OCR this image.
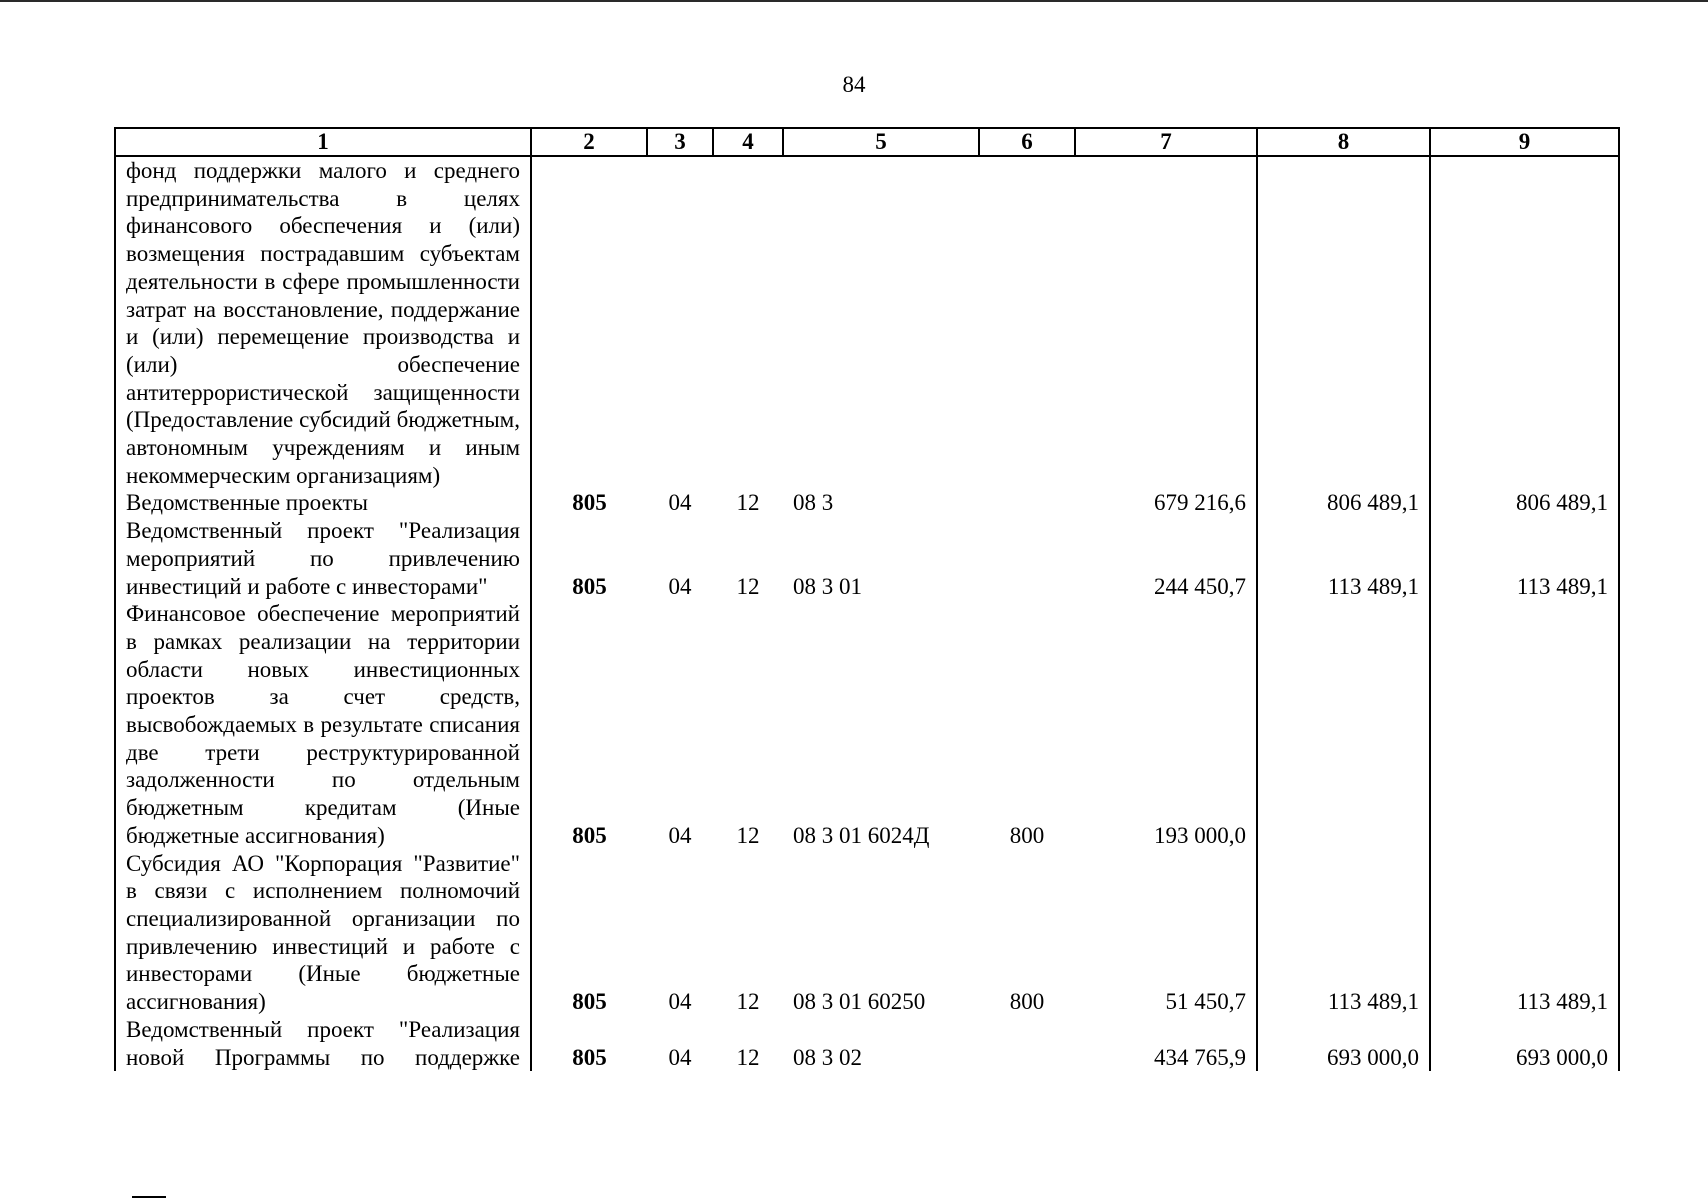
84
1	2	3	4	5	6	7	8	9
фонд поддержки малого и среднего предпринимательства в целях финансового обеспечения и (или) возмещения пострадавшим субъектам деятельности в сфере промышленности затрат на восстановление, поддержание и (или) перемещение производства и (или) обеспечение антитеррористической защищенности (Предоставление субсидий бюджетным, автономным учреждениям и иным некоммерческим организациям)								
Ведомственные проекты	805	04	12	08 3		679 216,6	806 489,1	806 489,1
Ведомственный проект "Реализация мероприятий по привлечению инвестиций и работе с инвесторами"	805	04	12	08 3 01		244 450,7	113 489,1	113 489,1
Финансовое обеспечение мероприятий в рамках реализации на территории области новых инвестиционных проектов за счет средств, высвобождаемых в результате списания две трети реструктурированной задолженности по отдельным бюджетным кредитам (Иные бюджетные ассигнования)	805	04	12	08 3 01 6024Д	800	193 000,0		
Субсидия АО "Корпорация "Развитие" в связи с исполнением полномочий специализированной организации по привлечению инвестиций и работе с инвесторами (Иные бюджетные ассигнования)	805	04	12	08 3 01 60250	800	51 450,7	113 489,1	113 489,1
Ведомственный проект "Реализация новой Программы по поддержке	805	04	12	08 3 02		434 765,9	693 000,0	693 000,0
